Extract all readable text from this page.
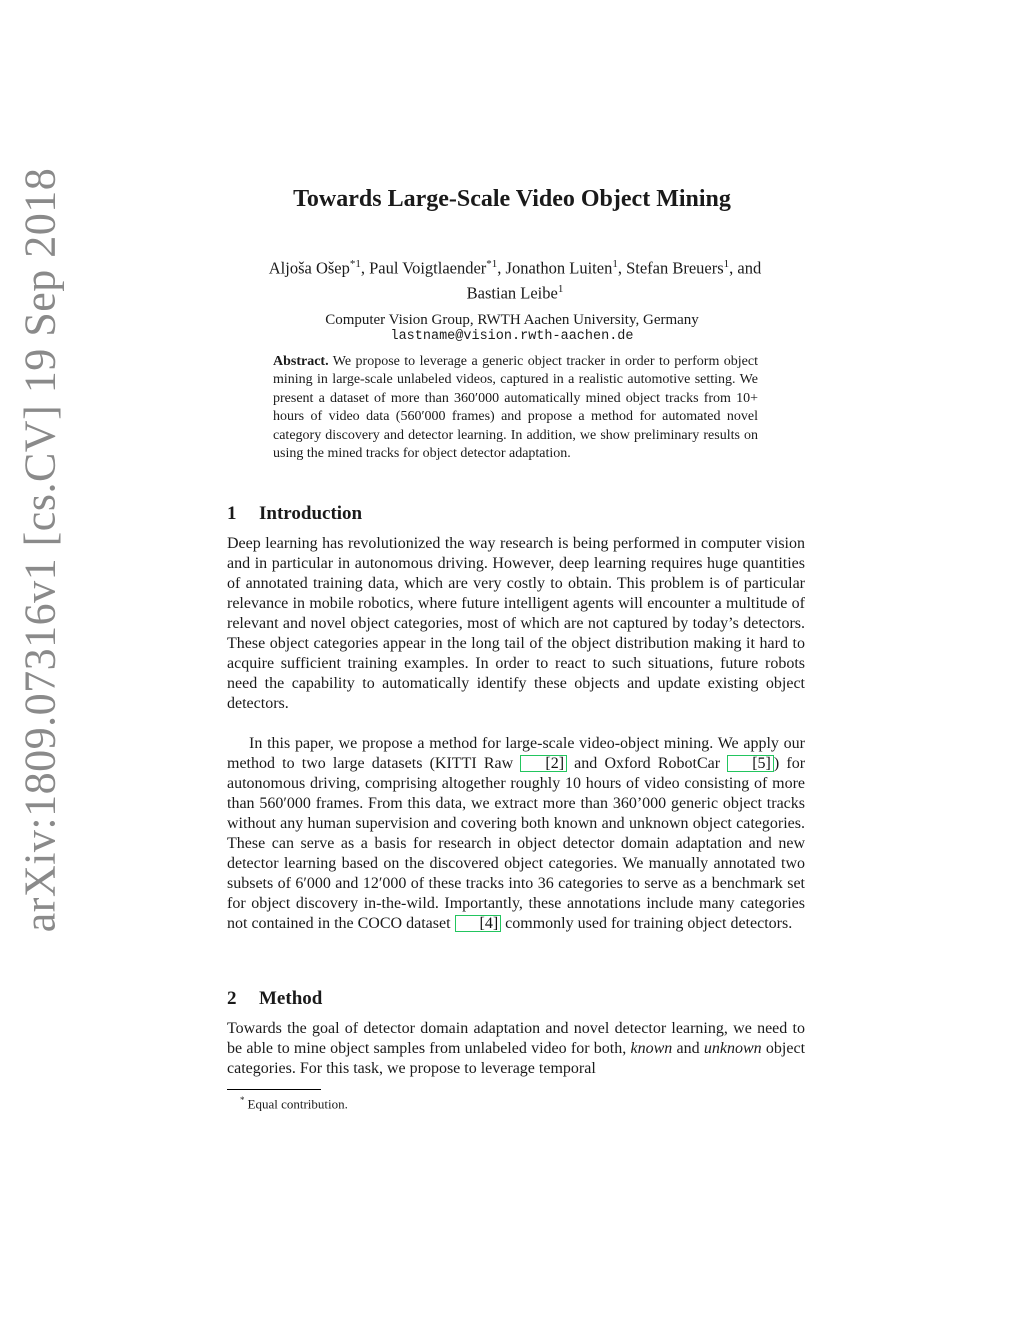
arXiv:1809.07316v1 [cs.CV] 19 Sep 2018	Towards Large-Scale Video Object Mining

Aljoša Ošep$^{*1}$, Paul Voigtlaender$^{*1}$, Jonathon Luiten$^1$, Stefan Breuers$^1$, and
Bastian Leibe$^1$

Computer Vision Group, RWTH Aachen University, Germany

lastname@vision.rwth-aachen.de

Abstract. We propose to leverage a generic object tracker in order to perform object mining in large-scale unlabeled videos, captured in a realistic automotive setting. We present a dataset of more than 360′000 automatically mined object tracks from 10+ hours of video data (560′000 frames) and propose a method for automated novel category discovery and detector learning. In addition, we show preliminary results on using the mined tracks for object detector adaptation.

1 Introduction

Deep learning has revolutionized the way research is being performed in computer vision and in particular in autonomous driving. However, deep learning requires huge quantities of annotated training data, which are very costly to obtain. This problem is of particular relevance in mobile robotics, where future intelligent agents will encounter a multitude of relevant and novel object categories, most of which are not captured by today’s detectors. These object categories appear in the long tail of the object distribution making it hard to acquire sufficient training examples. In order to react to such situations, future robots need the capability to automatically identify these objects and update existing object detectors.

In this paper, we propose a method for large-scale video-object mining. We apply our method to two large datasets (KITTI Raw [2] and Oxford RobotCar [5] ) for autonomous driving, comprising altogether roughly 10 hours of video consisting of more than 560′000 frames. From this data, we extract more than 360’000 generic object tracks without any human supervision and covering both known and unknown object categories. These can serve as a basis for research in object detector domain adaptation and new detector learning based on the discovered object categories. We manually annotated two subsets of 6′000 and 12′000 of these tracks into 36 categories to serve as a benchmark set for object discovery in-the-wild. Importantly, these annotations include many categories not contained in the COCO dataset [4] commonly used for training object detectors.

2 Method

Towards the goal of detector domain adaptation and novel detector learning, we need to be able to mine object samples from unlabeled video for both, known and unknown object categories. For this task, we propose to leverage temporal

* Equal contribution.
